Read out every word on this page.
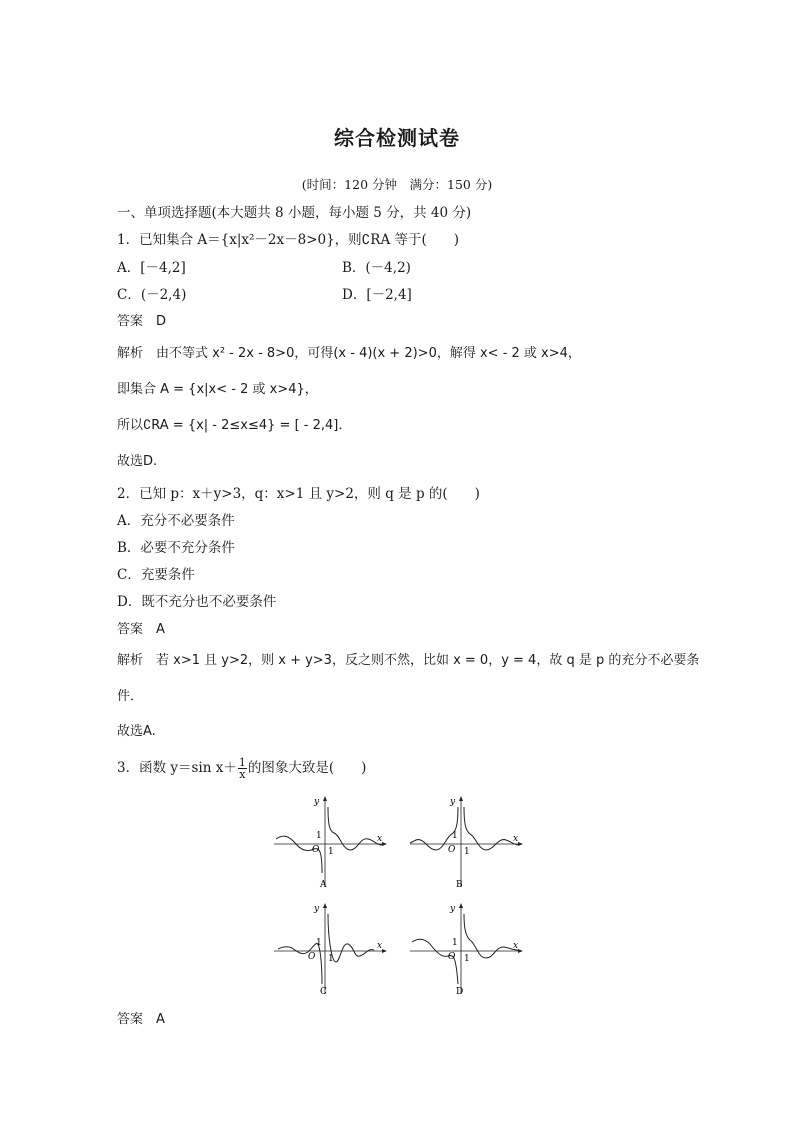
综合检测试卷
(时间：120 分钟　满分：150 分)
一、单项选择题(本大题共 8 小题，每小题 5 分，共 40 分)
1．已知集合 A＝{x|x²－2x－8>0}，则∁RA 等于(　　)
A．[－4,2]	B．(－4,2)
C．(－2,4)	D．[－2,4]
答案　D
解析　由不等式 x² - 2x - 8>0，可得(x - 4)(x + 2)>0，解得 x< - 2 或 x>4，
即集合 A = {x|x< - 2 或 x>4}，
所以∁RA = {x| - 2≤x≤4} = [ - 2,4]．
故选D.
2．已知 p：x＋y>3，q：x>1 且 y>2，则 q 是 p 的(　　)
A．充分不必要条件
B．必要不充分条件
C．充要条件
D．既不充分也不必要条件
答案　A
解析　若 x>1 且 y>2，则 x + y>3，反之则不然，比如 x = 0，y = 4，故 q 是 p 的充分不必要条
件．
故选A.
3．函数 y＝sin $x+ \frac{1}{x}$ 的图象大致是(　　)
y
x
O 1
1
A
y
x
O 1
1
B
y
x
O 1
1
C
y
x
O 1
1
D
答案　A
